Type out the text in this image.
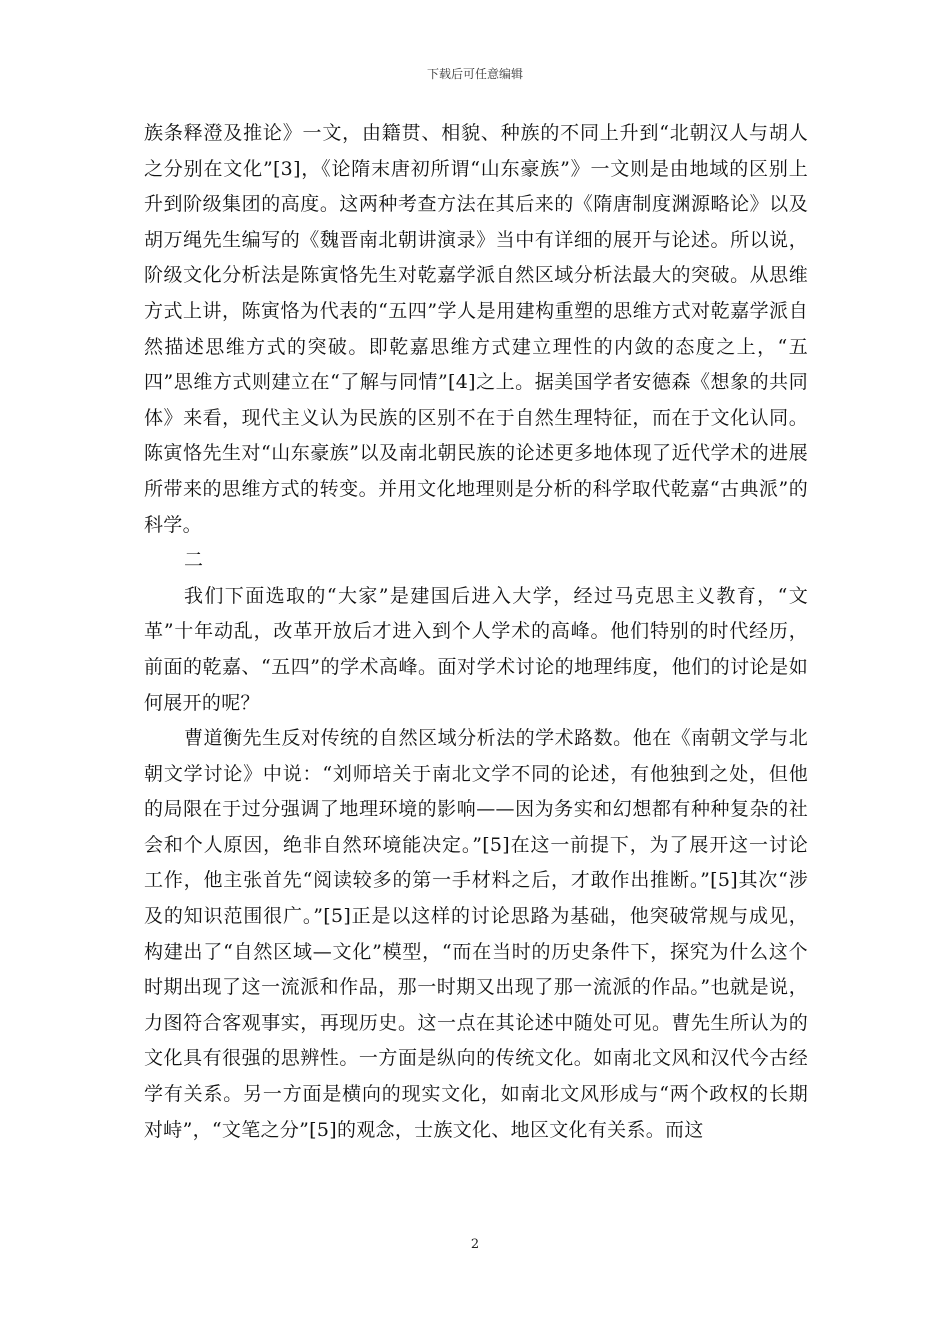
下载后可任意编辑

族条释澄及推论》一文，由籍贯、相貌、种族的不同上升到“北朝汉人与胡人之分别在文化”[3]，《论隋末唐初所谓“山东豪族”》一文则是由地域的区别上升到阶级集团的高度。这两种考查方法在其后来的《隋唐制度渊源略论》以及胡万绳先生编写的《魏晋南北朝讲演录》当中有详细的展开与论述。所以说，阶级文化分析法是陈寅恪先生对乾嘉学派自然区域分析法最大的突破。从思维方式上讲，陈寅恪为代表的“五四”学人是用建构重塑的思维方式对乾嘉学派自然描述思维方式的突破。即乾嘉思维方式建立理性的内敛的态度之上，“五四”思维方式则建立在“了解与同情”[4]之上。据美国学者安德森《想象的共同体》来看，现代主义认为民族的区别不在于自然生理特征，而在于文化认同。陈寅恪先生对“山东豪族”以及南北朝民族的论述更多地体现了近代学术的进展所带来的思维方式的转变。并用文化地理则是分析的科学取代乾嘉“古典派”的科学。

二

我们下面选取的“大家”是建国后进入大学，经过马克思主义教育，“文革”十年动乱，改革开放后才进入到个人学术的高峰。他们特别的时代经历，前面的乾嘉、“五四”的学术高峰。面对学术讨论的地理纬度，他们的讨论是如何展开的呢？

曹道衡先生反对传统的自然区域分析法的学术路数。他在《南朝文学与北朝文学讨论》中说：“刘师培关于南北文学不同的论述，有他独到之处，但他的局限在于过分强调了地理环境的影响——因为务实和幻想都有种种复杂的社会和个人原因，绝非自然环境能决定。”[5]在这一前提下，为了展开这一讨论工作，他主张首先“阅读较多的第一手材料之后，才敢作出推断。”[5]其次“涉及的知识范围很广。”[5]正是以这样的讨论思路为基础，他突破常规与成见，构建出了“自然区域—文化”模型，“而在当时的历史条件下，探究为什么这个时期出现了这一流派和作品，那一时期又出现了那一流派的作品。”也就是说，力图符合客观事实，再现历史。这一点在其论述中随处可见。曹先生所认为的文化具有很强的思辨性。一方面是纵向的传统文化。如南北文风和汉代今古经学有关系。另一方面是横向的现实文化，如南北文风形成与“两个政权的长期对峙”，“文笔之分”[5]的观念，士族文化、地区文化有关系。而这

2
